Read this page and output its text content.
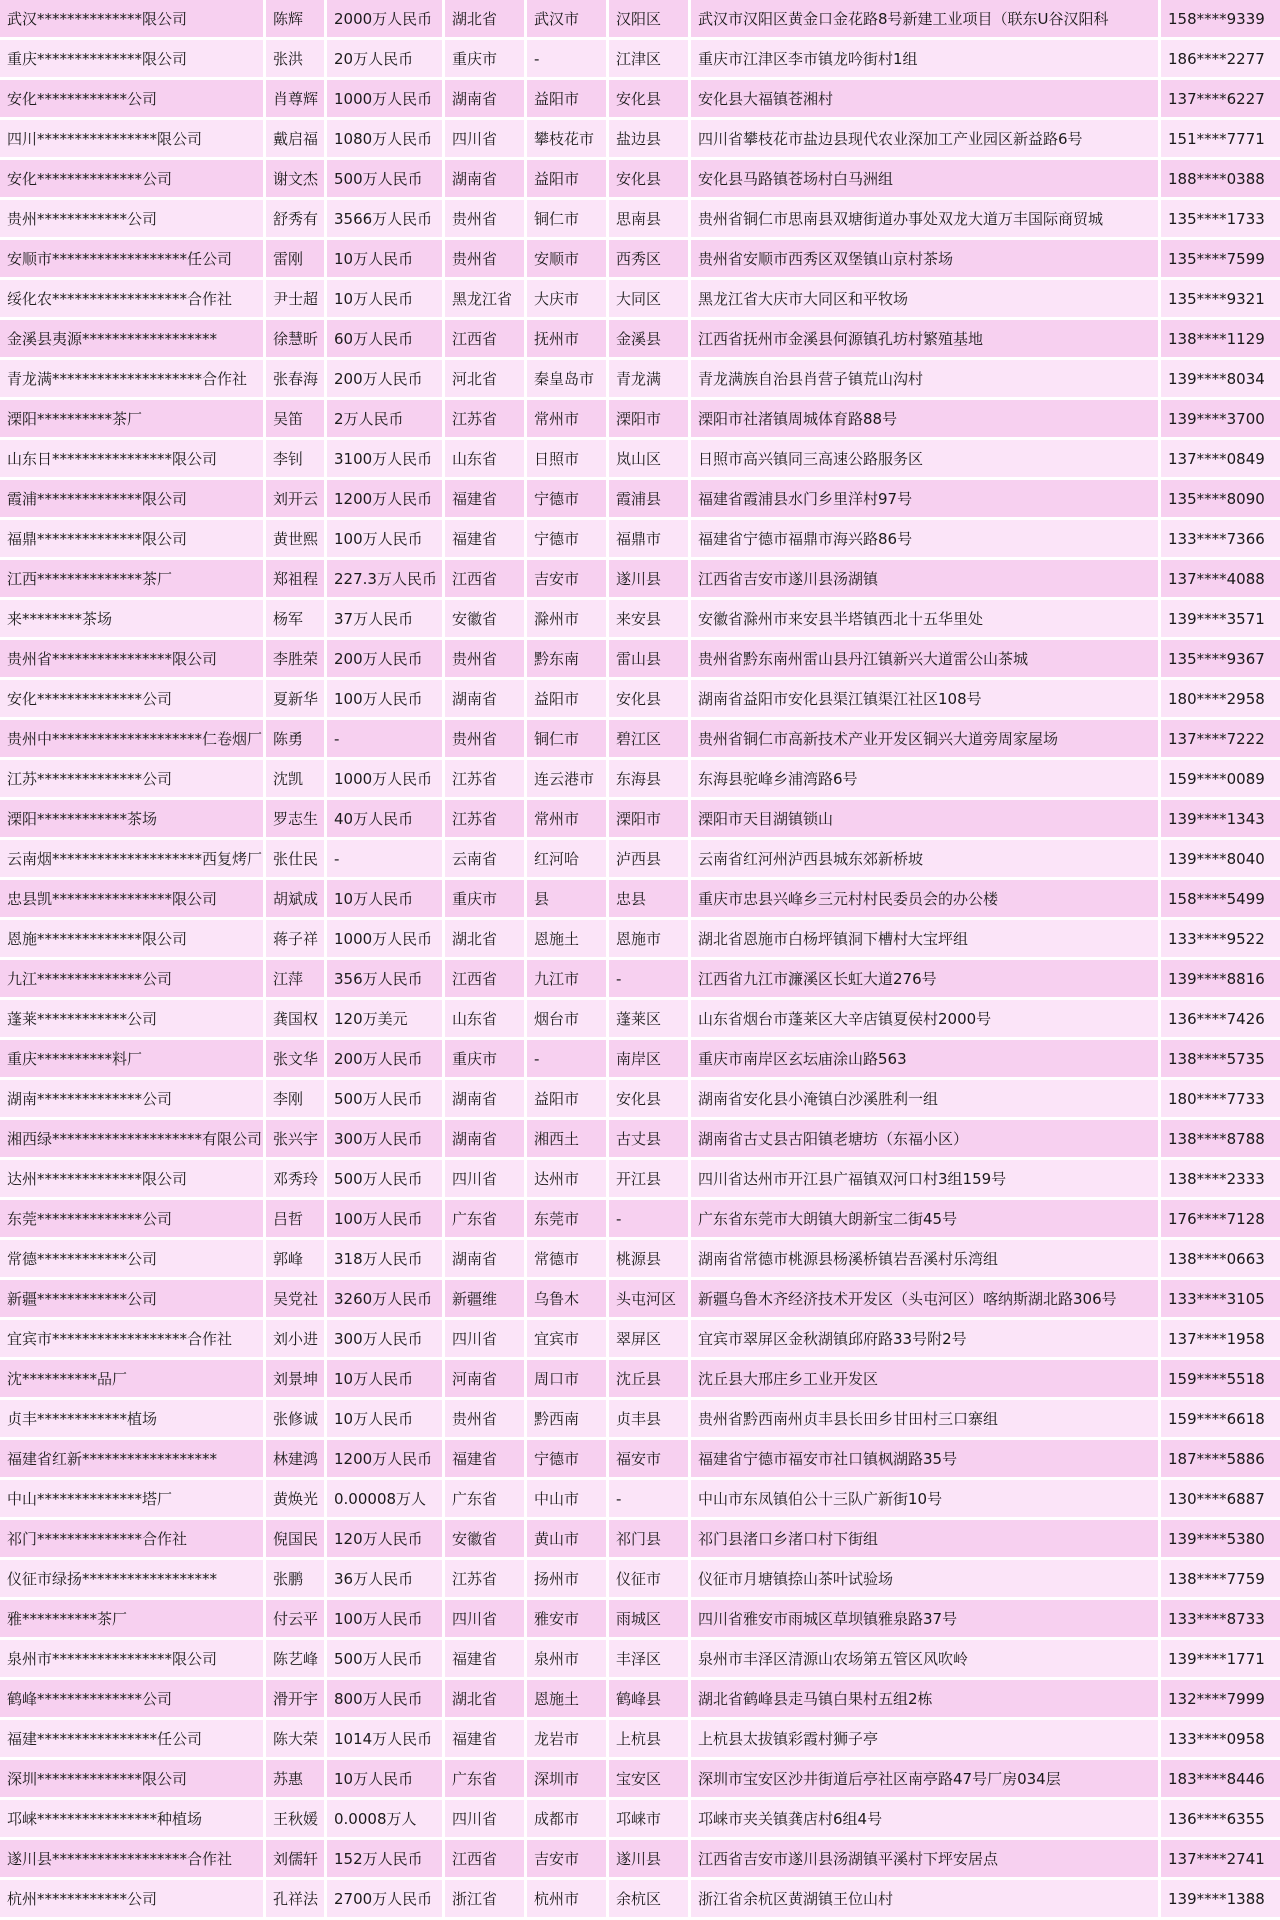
武汉**************限公司	陈辉	2000万人民币	湖北省	武汉市	汉阳区	武汉市汉阳区黄金口金花路8号新建工业项目（联东U谷汉阳科	158****9339
重庆**************限公司	张洪	20万人民币	重庆市	-	江津区	重庆市江津区李市镇龙吟街村1组	186****2277
安化************公司	肖尊辉	1000万人民币	湖南省	益阳市	安化县	安化县大福镇苍湘村	137****6227
四川****************限公司	戴启福	1080万人民币	四川省	攀枝花市	盐边县	四川省攀枝花市盐边县现代农业深加工产业园区新益路6号	151****7771
安化**************公司	谢文杰	500万人民币	湖南省	益阳市	安化县	安化县马路镇苍场村白马洲组	188****0388
贵州************公司	舒秀有	3566万人民币	贵州省	铜仁市	思南县	贵州省铜仁市思南县双塘街道办事处双龙大道万丰国际商贸城	135****1733
安顺市******************任公司	雷刚	10万人民币	贵州省	安顺市	西秀区	贵州省安顺市西秀区双堡镇山京村茶场	135****7599
绥化农******************合作社	尹士超	10万人民币	黑龙江省	大庆市	大同区	黑龙江省大庆市大同区和平牧场	135****9321
金溪县夷源******************	徐慧昕	60万人民币	江西省	抚州市	金溪县	江西省抚州市金溪县何源镇孔坊村繁殖基地	138****1129
青龙满********************合作社	张春海	200万人民币	河北省	秦皇岛市	青龙满	青龙满族自治县肖营子镇荒山沟村	139****8034
溧阳**********茶厂	吴笛	2万人民币	江苏省	常州市	溧阳市	溧阳市社渚镇周城体育路88号	139****3700
山东日****************限公司	李钊	3100万人民币	山东省	日照市	岚山区	日照市高兴镇同三高速公路服务区	137****0849
霞浦**************限公司	刘开云	1200万人民币	福建省	宁德市	霞浦县	福建省霞浦县水门乡里洋村97号	135****8090
福鼎**************限公司	黄世熙	100万人民币	福建省	宁德市	福鼎市	福建省宁德市福鼎市海兴路86号	133****7366
江西**************茶厂	郑祖程	227.3万人民币	江西省	吉安市	遂川县	江西省吉安市遂川县汤湖镇	137****4088
来********茶场	杨军	37万人民币	安徽省	滁州市	来安县	安徽省滁州市来安县半塔镇西北十五华里处	139****3571
贵州省****************限公司	李胜荣	200万人民币	贵州省	黔东南	雷山县	贵州省黔东南州雷山县丹江镇新兴大道雷公山茶城	135****9367
安化**************公司	夏新华	100万人民币	湖南省	益阳市	安化县	湖南省益阳市安化县渠江镇渠江社区108号	180****2958
贵州中********************仁卷烟厂	陈勇	-	贵州省	铜仁市	碧江区	贵州省铜仁市高新技术产业开发区铜兴大道旁周家屋场	137****7222
江苏**************公司	沈凯	1000万人民币	江苏省	连云港市	东海县	东海县驼峰乡浦湾路6号	159****0089
溧阳************茶场	罗志生	40万人民币	江苏省	常州市	溧阳市	溧阳市天目湖镇锁山	139****1343
云南烟********************西复烤厂	张仕民	-	云南省	红河哈	泸西县	云南省红河州泸西县城东郊新桥坡	139****8040
忠县凯****************限公司	胡斌成	10万人民币	重庆市	县	忠县	重庆市忠县兴峰乡三元村村民委员会的办公楼	158****5499
恩施**************限公司	蒋子祥	1000万人民币	湖北省	恩施土	恩施市	湖北省恩施市白杨坪镇洞下槽村大宝坪组	133****9522
九江**************公司	江萍	356万人民币	江西省	九江市	-	江西省九江市濂溪区长虹大道276号	139****8816
蓬莱************公司	龚国权	120万美元	山东省	烟台市	蓬莱区	山东省烟台市蓬莱区大辛店镇夏侯村2000号	136****7426
重庆**********料厂	张文华	200万人民币	重庆市	-	南岸区	重庆市南岸区玄坛庙涂山路563	138****5735
湖南**************公司	李刚	500万人民币	湖南省	益阳市	安化县	湖南省安化县小淹镇白沙溪胜利一组	180****7733
湘西绿********************有限公司	张兴宇	300万人民币	湖南省	湘西土	古丈县	湖南省古丈县古阳镇老塘坊（东福小区）	138****8788
达州**************限公司	邓秀玲	500万人民币	四川省	达州市	开江县	四川省达州市开江县广福镇双河口村3组159号	138****2333
东莞**************公司	吕哲	100万人民币	广东省	东莞市	-	广东省东莞市大朗镇大朗新宝二街45号	176****7128
常德************公司	郭峰	318万人民币	湖南省	常德市	桃源县	湖南省常德市桃源县杨溪桥镇岩吾溪村乐湾组	138****0663
新疆************公司	吴党社	3260万人民币	新疆维	乌鲁木	头屯河区	新疆乌鲁木齐经济技术开发区（头屯河区）喀纳斯湖北路306号	133****3105
宜宾市******************合作社	刘小进	300万人民币	四川省	宜宾市	翠屏区	宜宾市翠屏区金秋湖镇邱府路33号附2号	137****1958
沈**********品厂	刘景坤	10万人民币	河南省	周口市	沈丘县	沈丘县大邢庄乡工业开发区	159****5518
贞丰************植场	张修诚	10万人民币	贵州省	黔西南	贞丰县	贵州省黔西南州贞丰县长田乡甘田村三口寨组	159****6618
福建省红新******************	林建鸿	1200万人民币	福建省	宁德市	福安市	福建省宁德市福安市社口镇枫湖路35号	187****5886
中山**************塔厂	黄焕光	0.00008万人	广东省	中山市	-	中山市东凤镇伯公十三队广新街10号	130****6887
祁门**************合作社	倪国民	120万人民币	安徽省	黄山市	祁门县	祁门县渚口乡渚口村下街组	139****5380
仪征市绿扬******************	张鹏	36万人民币	江苏省	扬州市	仪征市	仪征市月塘镇捺山茶叶试验场	138****7759
雅**********茶厂	付云平	100万人民币	四川省	雅安市	雨城区	四川省雅安市雨城区草坝镇雅泉路37号	133****8733
泉州市****************限公司	陈艺峰	500万人民币	福建省	泉州市	丰泽区	泉州市丰泽区清源山农场第五管区风吹岭	139****1771
鹤峰**************公司	滑开宇	800万人民币	湖北省	恩施土	鹤峰县	湖北省鹤峰县走马镇白果村五组2栋	132****7999
福建****************任公司	陈大荣	1014万人民币	福建省	龙岩市	上杭县	上杭县太拔镇彩霞村狮子亭	133****0958
深圳**************限公司	苏惠	10万人民币	广东省	深圳市	宝安区	深圳市宝安区沙井街道后亭社区南亭路47号厂房034层	183****8446
邛崃****************种植场	王秋媛	0.0008万人	四川省	成都市	邛崃市	邛崃市夹关镇龚店村6组4号	136****6355
遂川县******************合作社	刘儒轩	152万人民币	江西省	吉安市	遂川县	江西省吉安市遂川县汤湖镇平溪村下坪安居点	137****2741
杭州************公司	孔祥法	2700万人民币	浙江省	杭州市	余杭区	浙江省余杭区黄湖镇王位山村	139****1388
